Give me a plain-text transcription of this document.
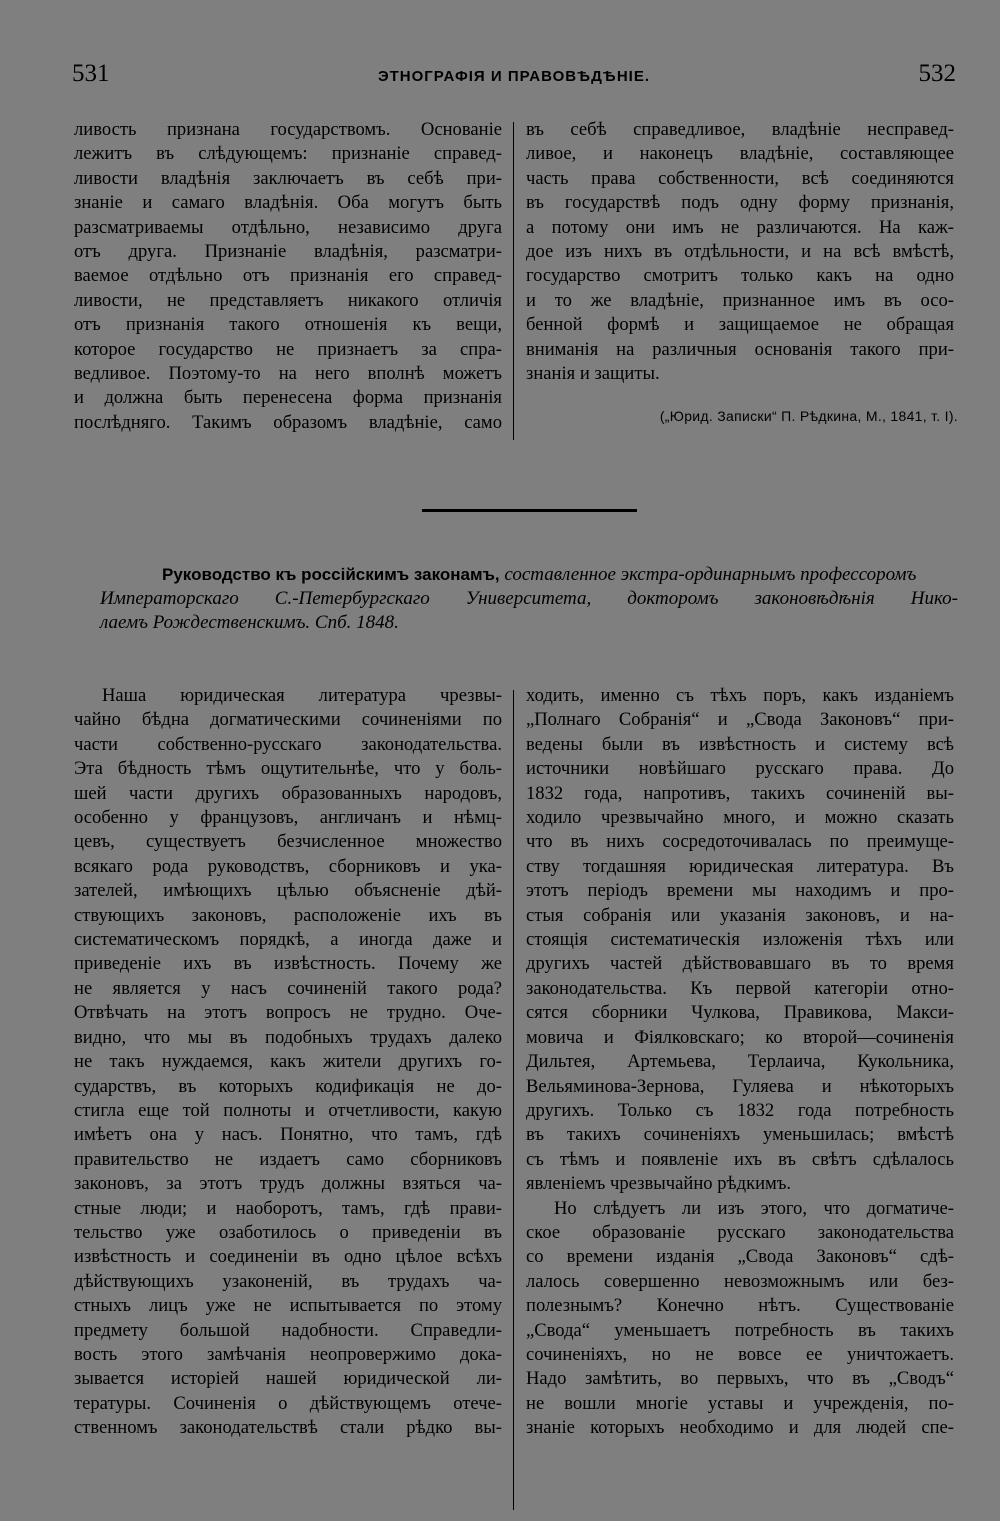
531	ЭТНОГРАФІЯ И ПРАВОВѢДѢНІЕ.	532
ливость признана государствомъ. Основаніе
лежитъ въ слѣдующемъ: признаніе справед-
ливости владѣнія заключаетъ въ себѣ при-
знаніе и самаго владѣнія. Оба могутъ быть
разсматриваемы отдѣльно, независимо друга
отъ друга. Признаніе владѣнія, разсматри-
ваемое отдѣльно отъ признанія его справед-
ливости, не представляетъ никакого отличія
отъ признанія такого отношенія къ вещи,
которое государство не признаетъ за спра-
ведливое. Поэтому-то на него вполнѣ можетъ
и должна быть перенесена форма признанія
послѣдняго. Такимъ образомъ владѣніе, само
въ себѣ справедливое, владѣніе несправед-
ливое, и наконецъ владѣніе, составляющее
часть права собственности, всѣ соединяются
въ государствѣ подъ одну форму признанія,
а потому они имъ не различаются. На каж-
дое изъ нихъ въ отдѣльности, и на всѣ вмѣстѣ,
государство смотритъ только какъ на одно
и то же владѣніе, признанное имъ въ осо-
бенной формѣ и защищаемое не обращая
вниманія на различныя основанія такого при-
знанія и защиты.
(„Юрид. Записки“ П. Рѣдкина, М., 1841, т. I).
Руководство къ россійскимъ законамъ, составленное экстра-ординарнымъ профессоромъ
Императорскаго С.-Петербургскаго Университета, докторомъ законовѣдѣнія Нико-
лаемъ Рождественскимъ. Спб. 1848.
Наша юридическая литература чрезвы-
чайно бѣдна догматическими сочиненіями по
части собственно-русскаго законодательства.
Эта бѣдность тѣмъ ощутительнѣе, что у боль-
шей части другихъ образованныхъ народовъ,
особенно у французовъ, англичанъ и нѣмц-
цевъ, существуетъ безчисленное множество
всякаго рода руководствъ, сборниковъ и ука-
зателей, имѣющихъ цѣлью объясненіе дѣй-
ствующихъ законовъ, расположеніе ихъ въ
систематическомъ порядкѣ, а иногда даже и
приведеніе ихъ въ извѣстность. Почему же
не является у насъ сочиненій такого рода?
Отвѣчать на этотъ вопросъ не трудно. Оче-
видно, что мы въ подобныхъ трудахъ далеко
не такъ нуждаемся, какъ жители другихъ го-
сударствъ, въ которыхъ кодификація не до-
стигла еще той полноты и отчетливости, какую
имѣетъ она у насъ. Понятно, что тамъ, гдѣ
правительство не издаетъ само сборниковъ
законовъ, за этотъ трудъ должны взяться ча-
стные люди; и наоборотъ, тамъ, гдѣ прави-
тельство уже озаботилось о приведеніи въ
извѣстность и соединеніи въ одно цѣлое всѣхъ
дѣйствующихъ узаконеній, въ трудахъ ча-
стныхъ лицъ уже не испытывается по этому
предмету большой надобности. Справедли-
вость этого замѣчанія неопровержимо дока-
зывается исторіей нашей юридической ли-
тературы. Сочиненія о дѣйствующемъ отече-
ственномъ законодательствѣ стали рѣдко вы-
ходить, именно съ тѣхъ поръ, какъ изданіемъ
„Полнаго Собранія“ и „Свода Законовъ“ при-
ведены были въ извѣстность и систему всѣ
источники новѣйшаго русскаго права. До
1832 года, напротивъ, такихъ сочиненій вы-
ходило чрезвычайно много, и можно сказать
что въ нихъ сосредоточивалась по преимуще-
ству тогдашняя юридическая литература. Въ
этотъ періодъ времени мы находимъ и про-
стыя собранія или указанія законовъ, и на-
стоящія систематическія изложенія тѣхъ или
другихъ частей дѣйствовавшаго въ то время
законодательства. Къ первой категоріи отно-
сятся сборники Чулкова, Правикова, Макси-
мовича и Фіялковскаго; ко второй—сочиненія
Дильтея, Артемьева, Терлаича, Кукольника,
Вельяминова-Зернова, Гуляева и нѣкоторыхъ
другихъ. Только съ 1832 года потребность
въ такихъ сочиненіяхъ уменьшилась; вмѣстѣ
съ тѣмъ и появленіе ихъ въ свѣтъ сдѣлалось
явленіемъ чрезвычайно рѣдкимъ.
Но слѣдуетъ ли изъ этого, что догматиче-
ское образованіе русскаго законодательства
со времени изданія „Свода Законовъ“ сдѣ-
лалось совершенно невозможнымъ или без-
полезнымъ? Конечно нѣтъ. Существованіе
„Свода“ уменьшаетъ потребность въ такихъ
сочиненіяхъ, но не вовсе ее уничтожаетъ.
Надо замѣтить, во первыхъ, что въ „Сводъ“
не вошли многіе уставы и учрежденія, по-
знаніе которыхъ необходимо и для людей спе-
